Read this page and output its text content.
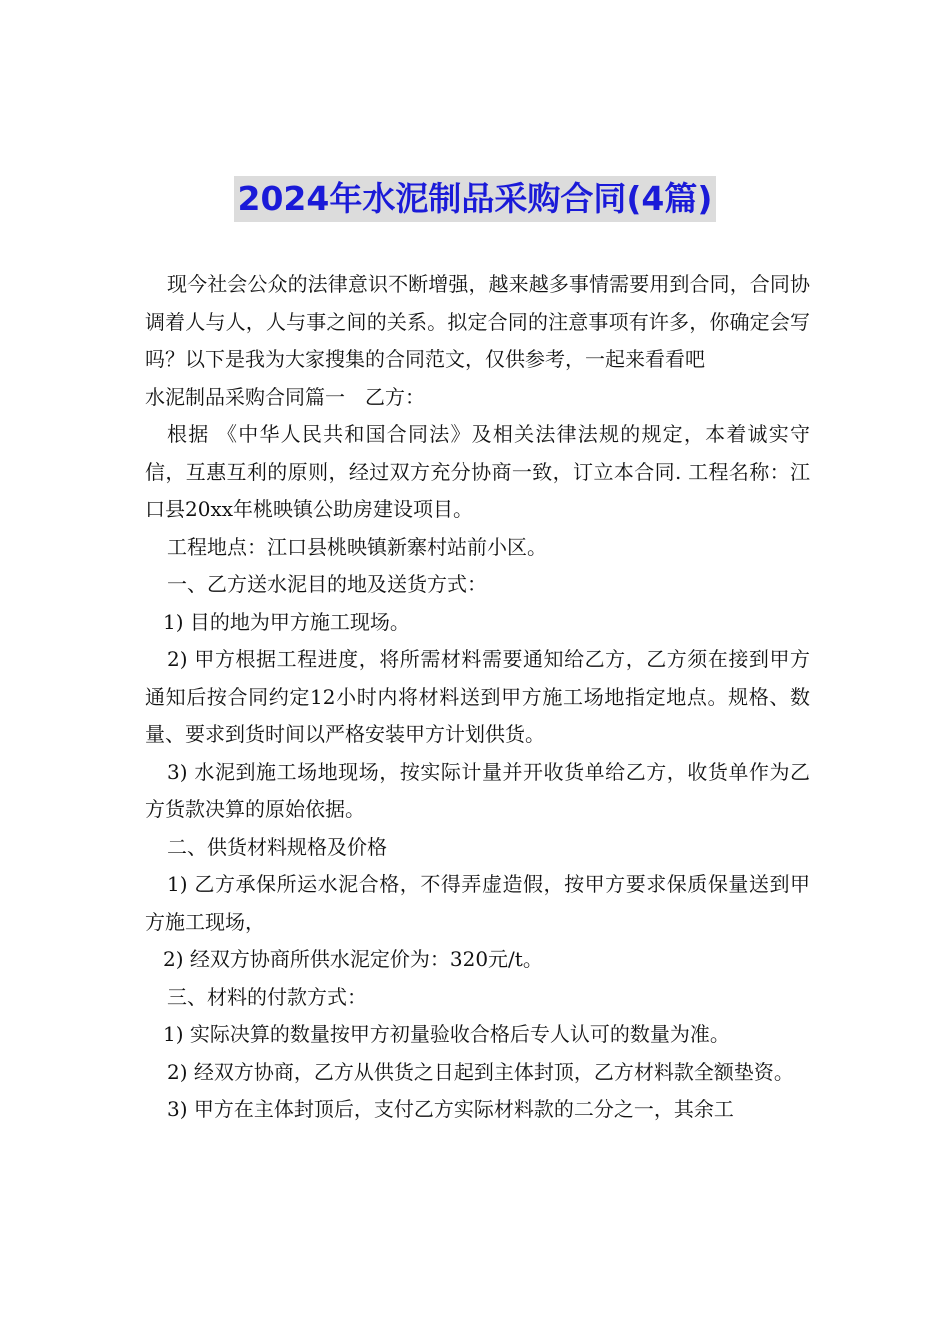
2024年水泥制品采购合同(4篇)

现今社会公众的法律意识不断增强，越来越多事情需要用到合同，合同协调着人与人，人与事之间的关系。拟定合同的注意事项有许多，你确定会写吗？以下是我为大家搜集的合同范文，仅供参考，一起来看看吧

水泥制品采购合同篇一　乙方：

根据 《中华人民共和国合同法》及相关法律法规的规定，本着诚实守信，互惠互利的原则，经过双方充分协商一致，订立本合同. 工程名称：江口县20xx年桃映镇公助房建设项目。

工程地点：江口县桃映镇新寨村站前小区。

一、乙方送水泥目的地及送货方式：

1) 目的地为甲方施工现场。

2) 甲方根据工程进度，将所需材料需要通知给乙方，乙方须在接到甲方通知后按合同约定12小时内将材料送到甲方施工场地指定地点。规格、数量、要求到货时间以严格安装甲方计划供货。

3) 水泥到施工场地现场，按实际计量并开收货单给乙方，收货单作为乙方货款决算的原始依据。

二、供货材料规格及价格

1) 乙方承保所运水泥合格，不得弄虚造假，按甲方要求保质保量送到甲方施工现场，

2) 经双方协商所供水泥定价为：320元/t。

三、材料的付款方式：

1) 实际决算的数量按甲方初量验收合格后专人认可的数量为准。

2) 经双方协商，乙方从供货之日起到主体封顶，乙方材料款全额垫资。

3) 甲方在主体封顶后，支付乙方实际材料款的二分之一，其余工
